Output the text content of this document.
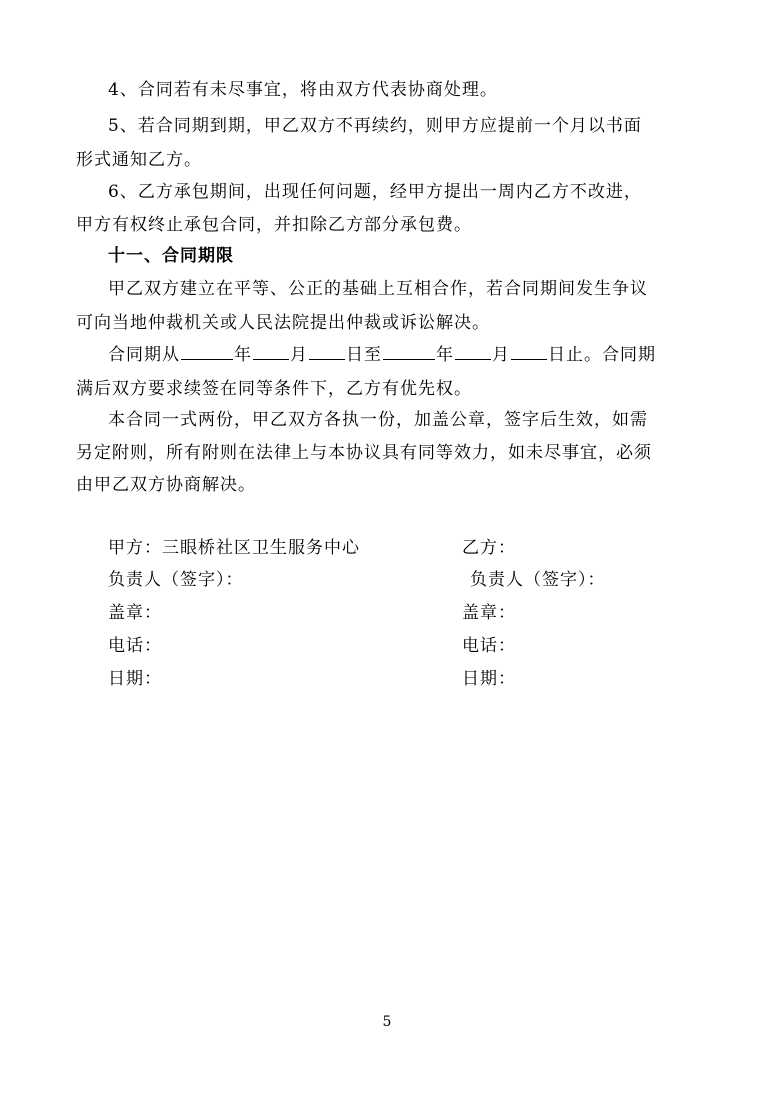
4、合同若有未尽事宜，将由双方代表协商处理。
5、若合同期到期，甲乙双方不再续约，则甲方应提前一个月以书面
形式通知乙方。
6、乙方承包期间，出现任何问题，经甲方提出一周内乙方不改进，
甲方有权终止承包合同，并扣除乙方部分承包费。
十一、合同期限
甲乙双方建立在平等、公正的基础上互相合作，若合同期间发生争议
可向当地仲裁机关或人民法院提出仲裁或诉讼解决。
合同期从	年 月 日至	年 月 日止。合同期
满后双方要求续签在同等条件下，乙方有优先权。
本合同一式两份，甲乙双方各执一份，加盖公章，签字后生效，如需
另定附则，所有附则在法律上与本协议具有同等效力，如未尽事宜，必须
由甲乙双方协商解决。
甲方：三眼桥社区卫生服务中心
负责人（签字）：
盖章：
电话：
日期：
乙方：
负责人（签字）：
盖章：
电话：
日期：
5
